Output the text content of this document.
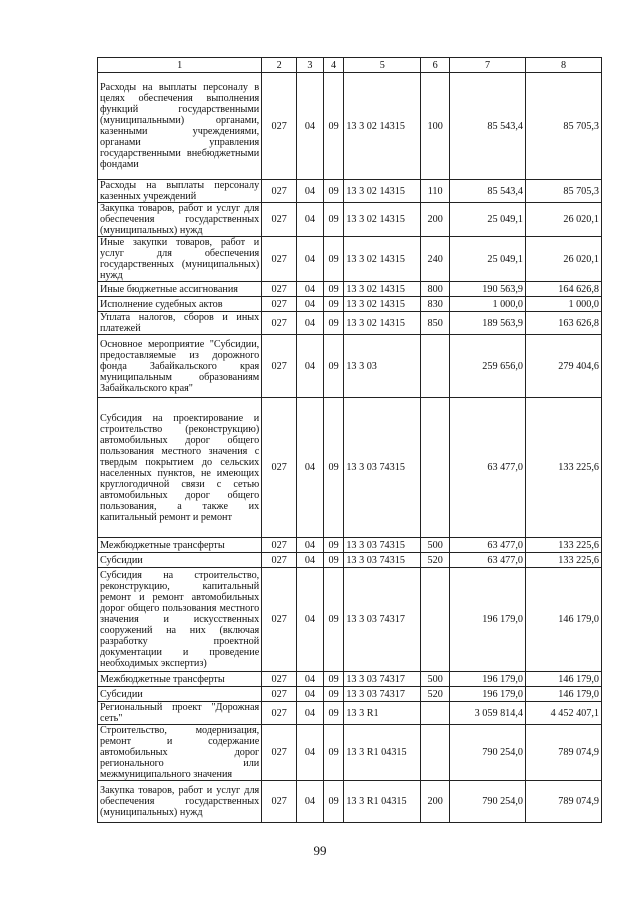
1	2	3	4	5	6	7	8
Расходы на выплаты персоналу в целях обеспечения выполнения функций государственными (муниципальными) органами, казенными учреждениями, органами управления государственными внебюджетными фондами	027	04	09	13 3 02 14315	100	85 543,4	85 705,3
Расходы на выплаты персоналу казенных учреждений	027	04	09	13 3 02 14315	110	85 543,4	85 705,3
Закупка товаров, работ и услуг для обеспечения государственных (муниципальных) нужд	027	04	09	13 3 02 14315	200	25 049,1	26 020,1
Иные закупки товаров, работ и услуг для обеспечения государственных (муниципальных) нужд	027	04	09	13 3 02 14315	240	25 049,1	26 020,1
Иные бюджетные ассигнования	027	04	09	13 3 02 14315	800	190 563,9	164 626,8
Исполнение судебных актов	027	04	09	13 3 02 14315	830	1 000,0	1 000,0
Уплата налогов, сборов и иных платежей	027	04	09	13 3 02 14315	850	189 563,9	163 626,8
Основное мероприятие "Субсидии, предоставляемые из дорожного фонда Забайкальского края муниципальным образованиям Забайкальского края"	027	04	09	13 3 03		259 656,0	279 404,6
Субсидия на проектирование и строительство (реконструкцию) автомобильных дорог общего пользования местного значения с твердым покрытием до сельских населенных пунктов, не имеющих круглогодичной связи с сетью автомобильных дорог общего пользования, а также их капитальный ремонт и ремонт	027	04	09	13 3 03 74315		63 477,0	133 225,6
Межбюджетные трансферты	027	04	09	13 3 03 74315	500	63 477,0	133 225,6
Субсидии	027	04	09	13 3 03 74315	520	63 477,0	133 225,6
Субсидия на строительство, реконструкцию, капитальный ремонт и ремонт автомобильных дорог общего пользования местного значения и искусственных сооружений на них (включая разработку проектной документации и проведение необходимых экспертиз)	027	04	09	13 3 03 74317		196 179,0	146 179,0
Межбюджетные трансферты	027	04	09	13 3 03 74317	500	196 179,0	146 179,0
Субсидии	027	04	09	13 3 03 74317	520	196 179,0	146 179,0
Региональный проект "Дорожная сеть"	027	04	09	13 3 R1		3 059 814,4	4 452 407,1
Строительство, модернизация, ремонт и содержание автомобильных дорог регионального или межмуниципального значения	027	04	09	13 3 R1 04315		790 254,0	789 074,9
Закупка товаров, работ и услуг для обеспечения государственных (муниципальных) нужд	027	04	09	13 3 R1 04315	200	790 254,0	789 074,9
99
